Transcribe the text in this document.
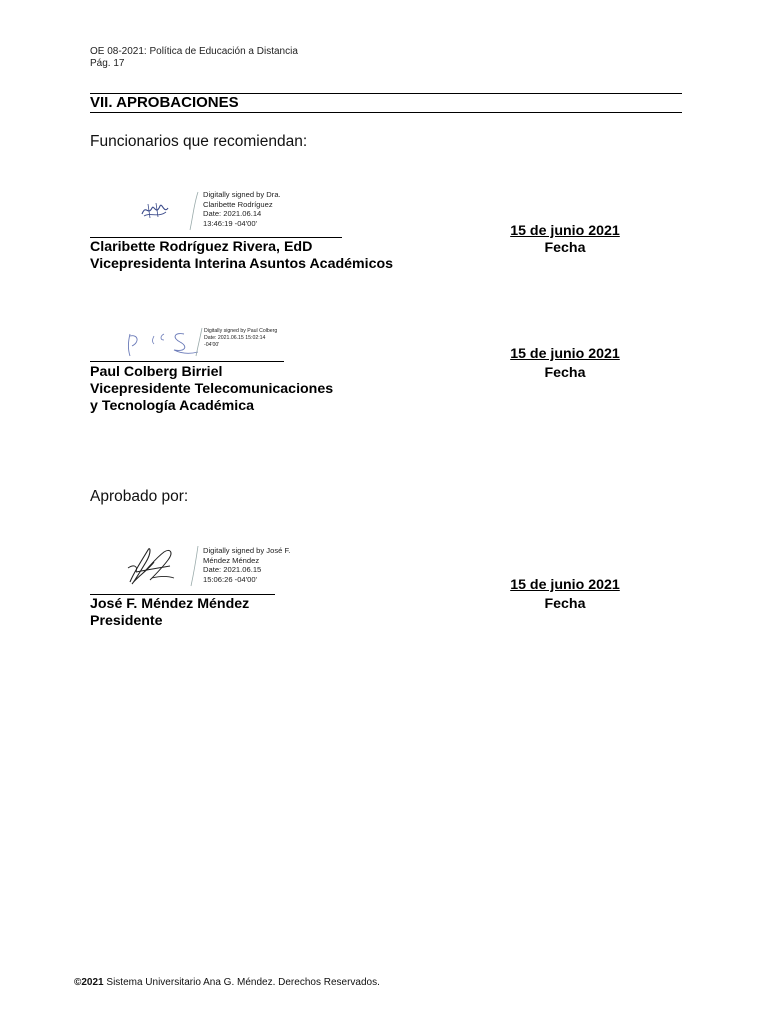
OE 08-2021: Política de Educación a Distancia
Pág. 17
VII. APROBACIONES
Funcionarios que recomiendan:
Digitally signed by Dra.
Claribette Rodríguez
Date: 2021.06.14
13:46:19 -04'00'
Claribette Rodríguez Rivera, EdD
Vicepresidenta Interina Asuntos Académicos
15 de junio 2021
Fecha
Digitally signed by Paul Colberg
Date: 2021.06.15 15:02:14
-04'00'
Paul Colberg Birriel
Vicepresidente Telecomunicaciones
y Tecnología Académica
15 de junio 2021
Fecha
Aprobado por:
Digitally signed by José F.
Méndez Méndez
Date: 2021.06.15
15:06:26 -04'00'
José F. Méndez Méndez
Presidente
15 de junio 2021
Fecha
©2021 Sistema Universitario Ana G. Méndez. Derechos Reservados.
